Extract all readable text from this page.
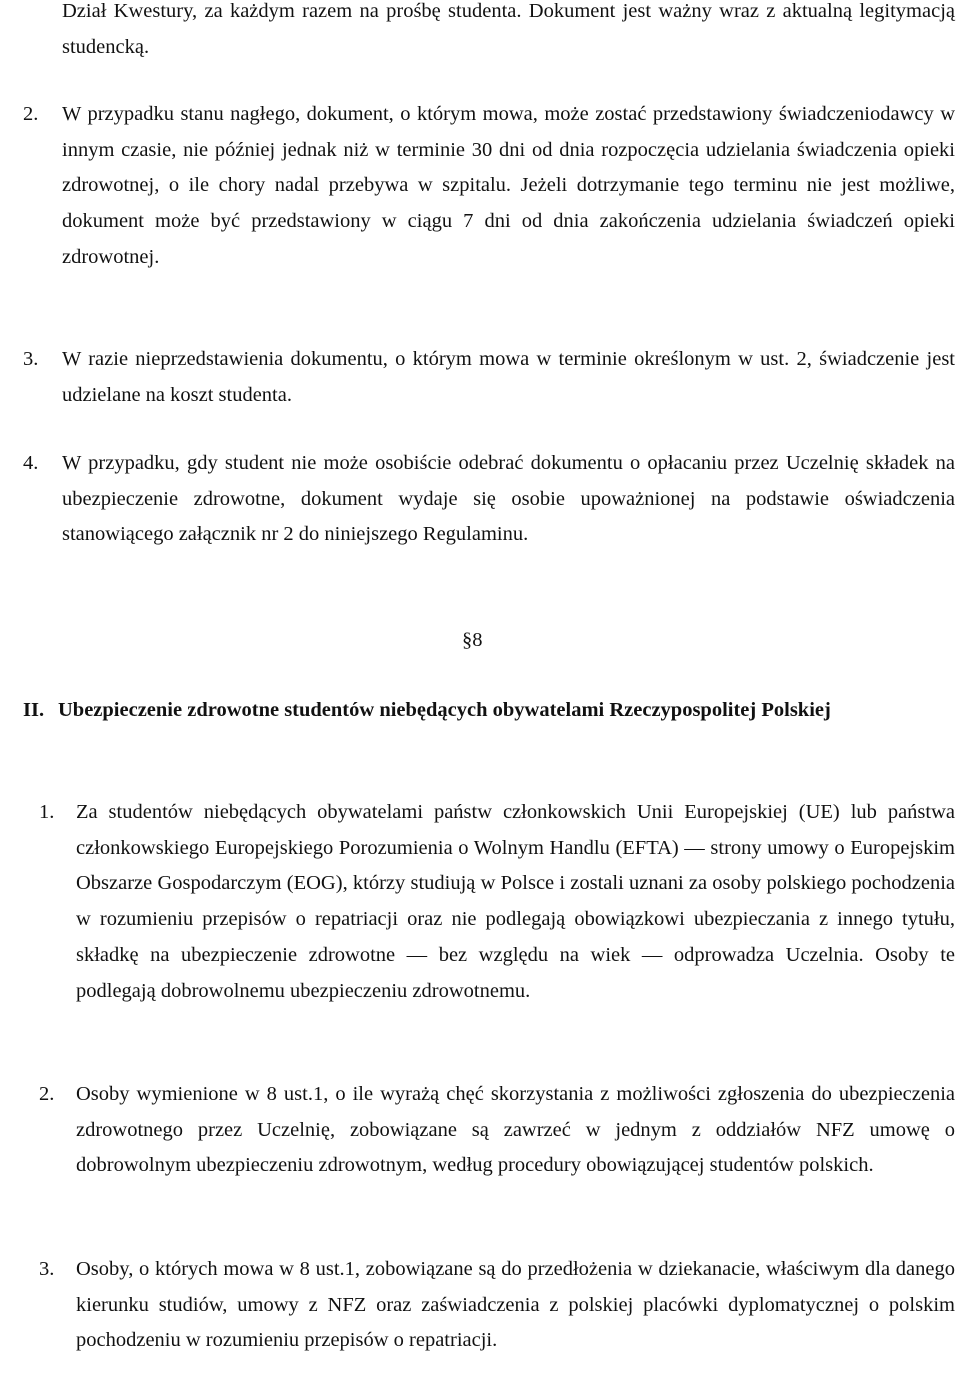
Dział Kwestury, za każdym razem na prośbę studenta. Dokument jest ważny wraz z aktualną legitymacją studencką.
2. W przypadku stanu nagłego, dokument, o którym mowa, może zostać przedstawiony świadczeniodawcy w innym czasie, nie później jednak niż w terminie 30 dni od dnia rozpoczęcia udzielania świadczenia opieki zdrowotnej, o ile chory nadal przebywa w szpitalu. Jeżeli dotrzymanie tego terminu nie jest możliwe, dokument może być przedstawiony w ciągu 7 dni od dnia zakończenia udzielania świadczeń opieki zdrowotnej.
3. W razie nieprzedstawienia dokumentu, o którym mowa w terminie określonym w ust. 2, świadczenie jest udzielane na koszt studenta.
4. W przypadku, gdy student nie może osobiście odebrać dokumentu o opłacaniu przez Uczelnię składek na ubezpieczenie zdrowotne, dokument wydaje się osobie upoważnionej na podstawie oświadczenia stanowiącego załącznik nr 2 do niniejszego Regulaminu.
§8
II. Ubezpieczenie zdrowotne studentów niebędących obywatelami Rzeczypospolitej Polskiej
1. Za studentów niebędących obywatelami państw członkowskich Unii Europejskiej (UE) lub państwa członkowskiego Europejskiego Porozumienia o Wolnym Handlu (EFTA) — strony umowy o Europejskim Obszarze Gospodarczym (EOG), którzy studiują w Polsce i zostali uznani za osoby polskiego pochodzenia w rozumieniu przepisów o repatriacji oraz nie podlegają obowiązkowi ubezpieczania z innego tytułu, składkę na ubezpieczenie zdrowotne — bez względu na wiek — odprowadza Uczelnia. Osoby te podlegają dobrowolnemu ubezpieczeniu zdrowotnemu.
2. Osoby wymienione w 8 ust.1, o ile wyrażą chęć skorzystania z możliwości zgłoszenia do ubezpieczenia zdrowotnego przez Uczelnię, zobowiązane są zawrzeć w jednym z oddziałów NFZ umowę o dobrowolnym ubezpieczeniu zdrowotnym, według procedury obowiązującej studentów polskich.
3. Osoby, o których mowa w 8 ust.1, zobowiązane są do przedłożenia w dziekanacie, właściwym dla danego kierunku studiów, umowy z NFZ oraz zaświadczenia z polskiej placówki dyplomatycznej o polskim pochodzeniu w rozumieniu przepisów o repatriacji.
